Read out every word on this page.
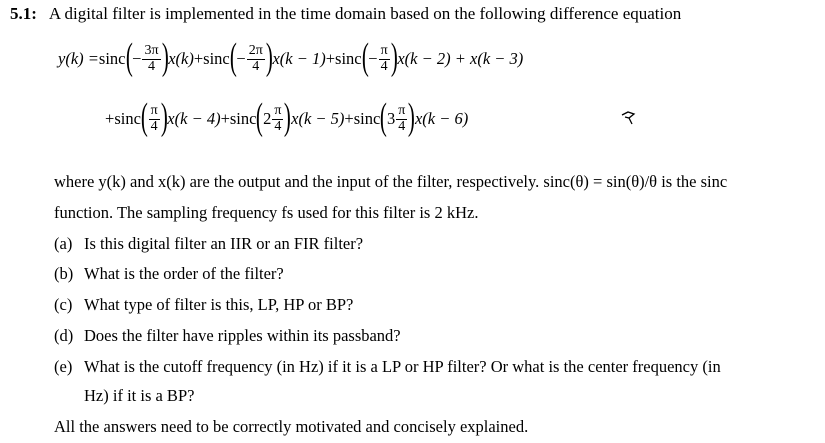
5.1: A digital filter is implemented in the time domain based on the following difference equation
y(k) = sinc ( − $\frac{3\pi}{4}$ ) x(k) + sinc ( − $\frac{2\pi}{4}$ ) x(k − 1) + sinc ( − $\frac{\pi}{4}$ ) x(k − 2) + x(k − 3)
+ sinc ( $\frac{\pi}{4}$ ) x(k − 4) + sinc ( $2 \frac{\pi}{4}$ ) x(k − 5) + sinc ( $3 \frac{\pi}{4}$ ) x(k − 6)
where y(k) and x(k) are the output and the input of the filter, respectively. sinc(θ) = sin(θ)/θ is the sinc
function. The sampling frequency fs used for this filter is 2 kHz.
(a) Is this digital filter an IIR or an FIR filter?
(b) What is the order of the filter?
(c) What type of filter is this, LP, HP or BP?
(d) Does the filter have ripples within its passband?
(e) What is the cutoff frequency (in Hz) if it is a LP or HP filter? Or what is the center frequency (in
Hz) if it is a BP?
All the answers need to be correctly motivated and concisely explained.
